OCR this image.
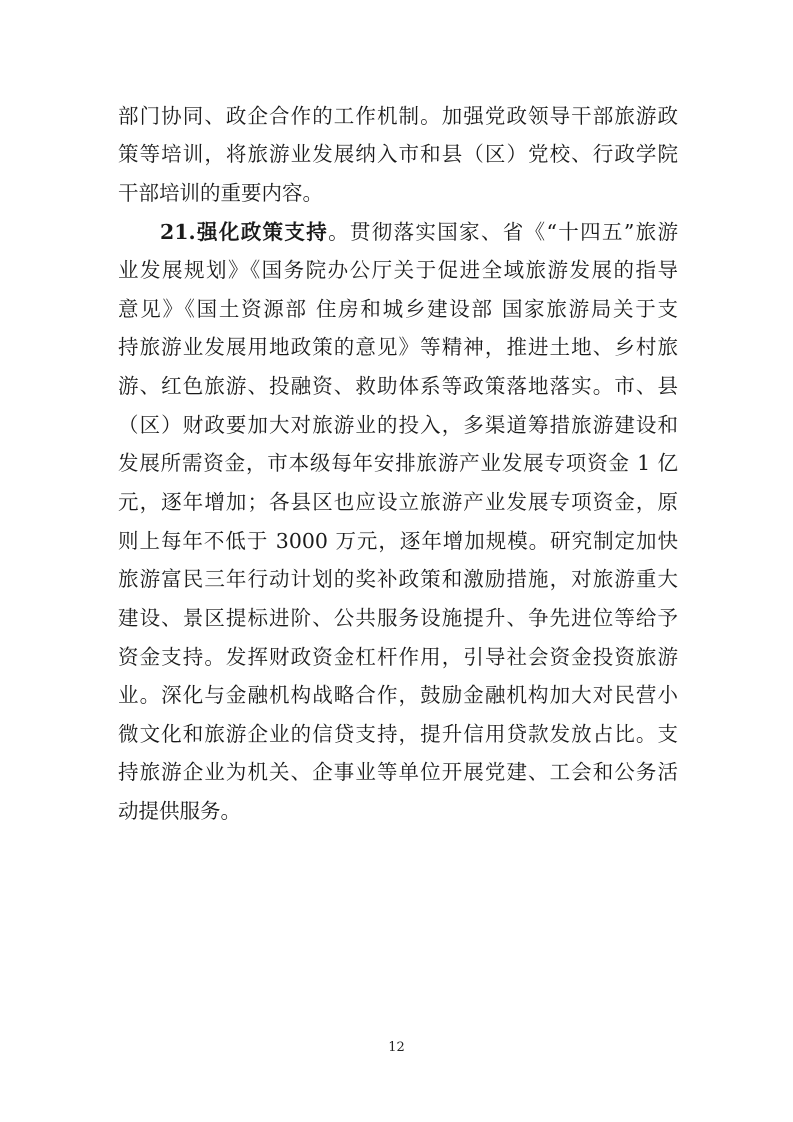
部门协同、政企合作的工作机制。加强党政领导干部旅游政
策等培训，将旅游业发展纳入市和县（区）党校、行政学院
干部培训的重要内容。
21.强化政策支持。贯彻落实国家、省《“十四五”旅游
业发展规划》《国务院办公厅关于促进全域旅游发展的指导
意见》《国土资源部 住房和城乡建设部 国家旅游局关于支
持旅游业发展用地政策的意见》等精神，推进土地、乡村旅
游、红色旅游、投融资、救助体系等政策落地落实。市、县
（区）财政要加大对旅游业的投入，多渠道筹措旅游建设和
发展所需资金，市本级每年安排旅游产业发展专项资金 1 亿
元，逐年增加；各县区也应设立旅游产业发展专项资金，原
则上每年不低于 3000 万元，逐年增加规模。研究制定加快
旅游富民三年行动计划的奖补政策和激励措施，对旅游重大
建设、景区提标进阶、公共服务设施提升、争先进位等给予
资金支持。发挥财政资金杠杆作用，引导社会资金投资旅游
业。深化与金融机构战略合作，鼓励金融机构加大对民营小
微文化和旅游企业的信贷支持，提升信用贷款发放占比。支
持旅游企业为机关、企事业等单位开展党建、工会和公务活
动提供服务。
12
